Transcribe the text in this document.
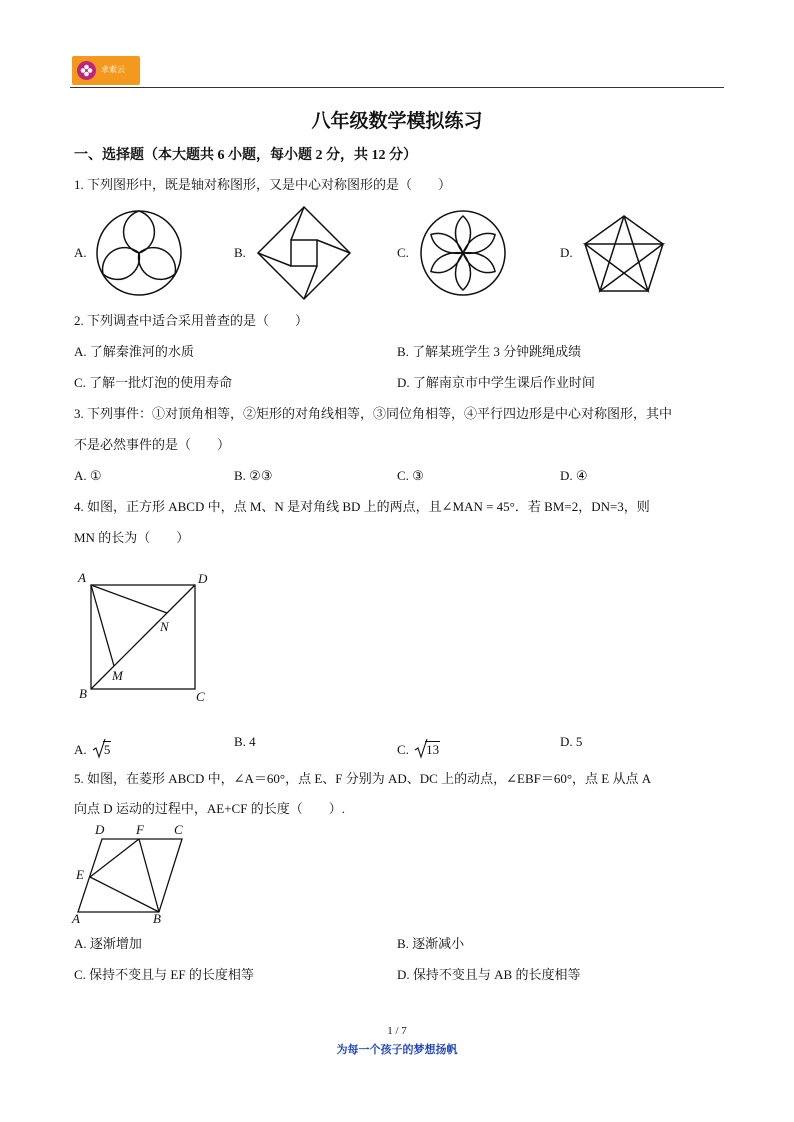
求索云
八年级数学模拟练习
一、选择题（本大题共 6 小题，每小题 2 分，共 12 分）
1. 下列图形中，既是轴对称图形，又是中心对称图形的是（　　）
A.	B.	C.	D.
2. 下列调查中适合采用普查的是（　　）
A. 了解秦淮河的水质	B. 了解某班学生 3 分钟跳绳成绩
C. 了解一批灯泡的使用寿命	D. 了解南京市中学生课后作业时间
3. 下列事件：①对顶角相等，②矩形的对角线相等，③同位角相等，④平行四边形是中心对称图形，其中
不是必然事件的是（　　）
A. ①	B. ②③	C. ③	D. ④
4. 如图，正方形 ABCD 中，点 M、N 是对角线 BD 上的两点，且∠MAN = 45°．若 BM=2，DN=3，则
MN 的长为（　　）
A	D
N
M
B	C
A. 5
B. 4
C. 13
D. 5
5. 如图，在菱形 ABCD 中，∠A＝60°，点 E、F 分别为 AD、DC 上的动点，∠EBF＝60°，点 E 从点 A
向点 D 运动的过程中，AE+CF 的长度（　　）.
D F C
E
A	B
A. 逐渐增加	B. 逐渐减小
C. 保持不变且与 EF 的长度相等	D. 保持不变且与 AB 的长度相等
1 / 7
为每一个孩子的梦想扬帆
